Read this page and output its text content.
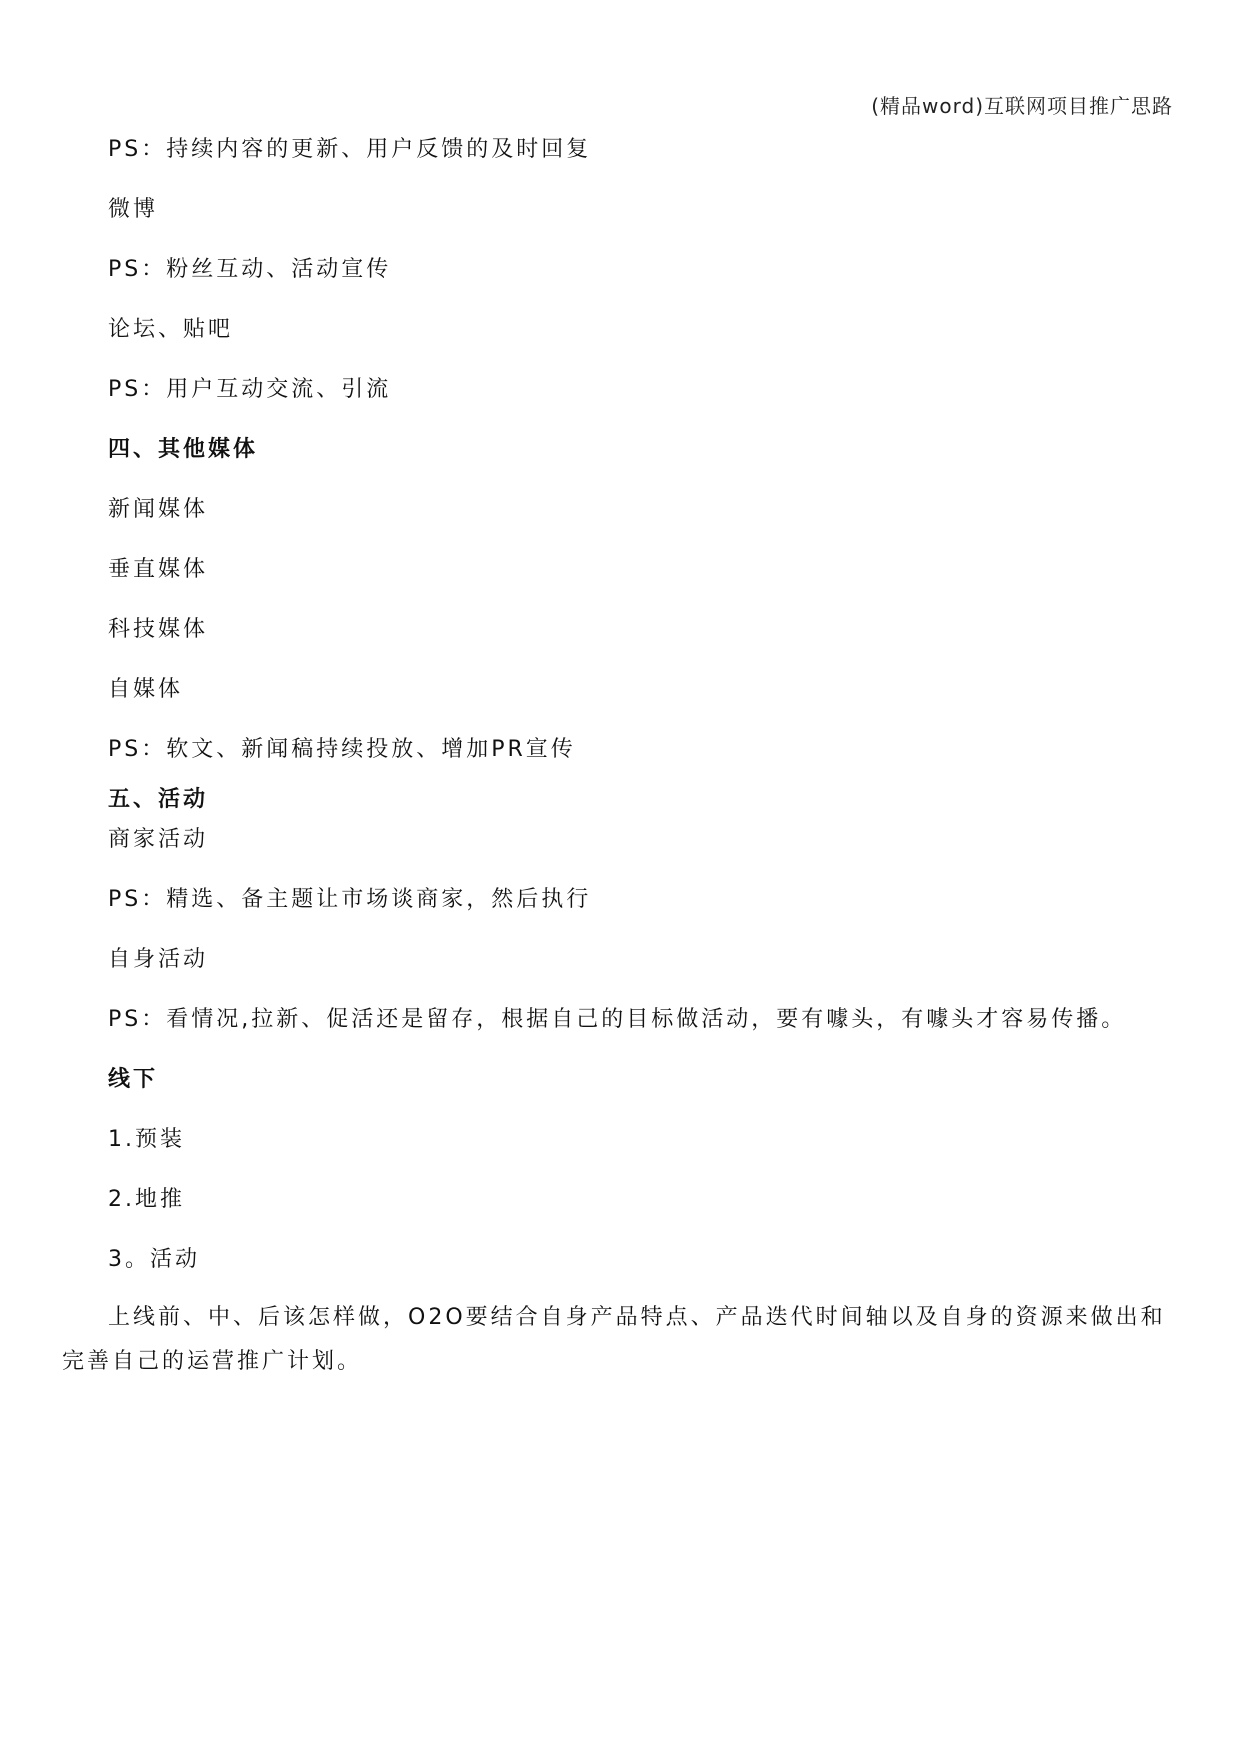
(精品word)互联网项目推广思路
PS：持续内容的更新、用户反馈的及时回复
微博
PS：粉丝互动、活动宣传
论坛、贴吧
PS：用户互动交流、引流
四、其他媒体
新闻媒体
垂直媒体
科技媒体
自媒体
PS：软文、新闻稿持续投放、增加PR宣传
五、活动
商家活动
PS：精选、备主题让市场谈商家，然后执行
自身活动
PS：看情况,拉新、促活还是留存，根据自己的目标做活动，要有噱头，有噱头才容易传播。
线下
1.预装
2.地推
3。活动
上线前、中、后该怎样做，O2O要结合自身产品特点、产品迭代时间轴以及自身的资源来做出和完善自己的运营推广计划。
